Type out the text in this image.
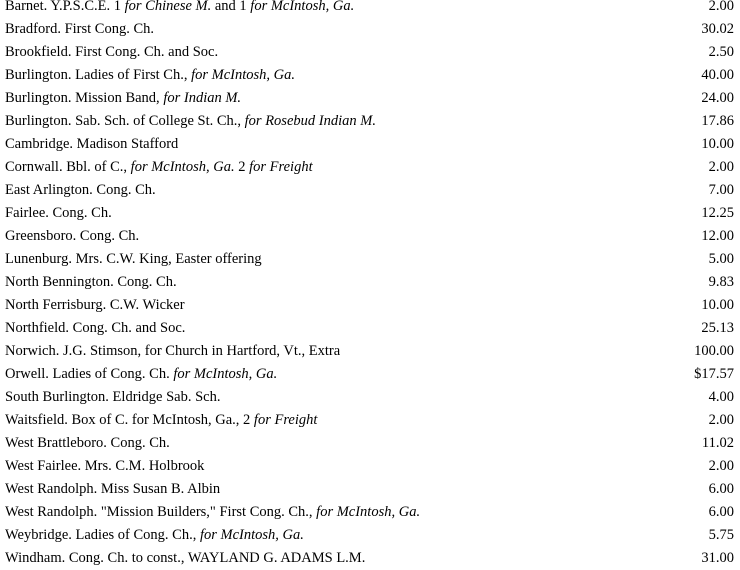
Barnet. Y.P.S.C.E. 1 for Chinese M. and 1 for McIntosh, Ga.	2.00
Bradford. First Cong. Ch.	30.02
Brookfield. First Cong. Ch. and Soc.	2.50
Burlington. Ladies of First Ch., for McIntosh, Ga.	40.00
Burlington. Mission Band, for Indian M.	24.00
Burlington. Sab. Sch. of College St. Ch., for Rosebud Indian M.	17.86
Cambridge. Madison Stafford	10.00
Cornwall. Bbl. of C., for McIntosh, Ga. 2 for Freight	2.00
East Arlington. Cong. Ch.	7.00
Fairlee. Cong. Ch.	12.25
Greensboro. Cong. Ch.	12.00
Lunenburg. Mrs. C.W. King, Easter offering	5.00
North Bennington. Cong. Ch.	9.83
North Ferrisburg. C.W. Wicker	10.00
Northfield. Cong. Ch. and Soc.	25.13
Norwich. J.G. Stimson, for Church in Hartford, Vt., Extra	100.00
Orwell. Ladies of Cong. Ch. for McIntosh, Ga.	$17.57
South Burlington. Eldridge Sab. Sch.	4.00
Waitsfield. Box of C. for McIntosh, Ga., 2 for Freight	2.00
West Brattleboro. Cong. Ch.	11.02
West Fairlee. Mrs. C.M. Holbrook	2.00
West Randolph. Miss Susan B. Albin	6.00
West Randolph. "Mission Builders," First Cong. Ch., for McIntosh, Ga.	6.00
Weybridge. Ladies of Cong. Ch., for McIntosh, Ga.	5.75
Windham. Cong. Ch. to const., WAYLAND G. ADAMS L.M.	31.00
